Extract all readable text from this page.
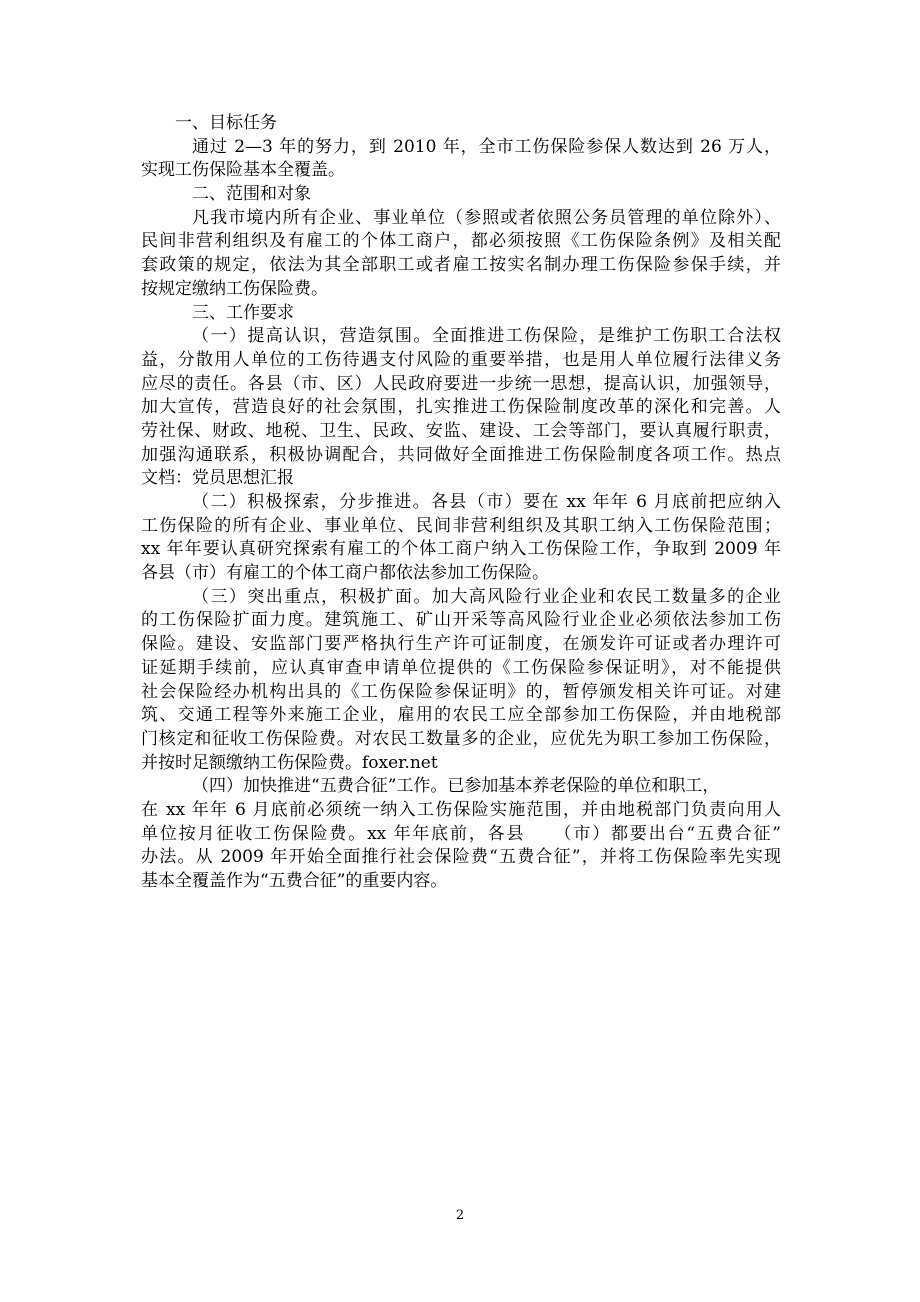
一、目标任务
通过 2—3 年的努力，到 2010 年，全市工伤保险参保人数达到 26 万人，
实现工伤保险基本全覆盖。
二、范围和对象
凡我市境内所有企业、事业单位（参照或者依照公务员管理的单位除外）、
民间非营利组织及有雇工的个体工商户，都必须按照《工伤保险条例》及相关配
套政策的规定，依法为其全部职工或者雇工按实名制办理工伤保险参保手续，并
按规定缴纳工伤保险费。
三、工作要求
（一）提高认识，营造氛围。全面推进工伤保险，是维护工伤职工合法权
益，分散用人单位的工伤待遇支付风险的重要举措，也是用人单位履行法律义务
应尽的责任。各县（市、区）人民政府要进一步统一思想，提高认识，加强领导，
加大宣传，营造良好的社会氛围，扎实推进工伤保险制度改革的深化和完善。人
劳社保、财政、地税、卫生、民政、安监、建设、工会等部门，要认真履行职责，
加强沟通联系，积极协调配合，共同做好全面推进工伤保险制度各项工作。热点
文档：党员思想汇报
（二）积极探索，分步推进。各县（市）要在 xx 年年 6 月底前把应纳入
工伤保险的所有企业、事业单位、民间非营利组织及其职工纳入工伤保险范围；
xx 年年要认真研究探索有雇工的个体工商户纳入工伤保险工作，争取到 2009 年
各县（市）有雇工的个体工商户都依法参加工伤保险。
（三）突出重点，积极扩面。加大高风险行业企业和农民工数量多的企业
的工伤保险扩面力度。建筑施工、矿山开采等高风险行业企业必须依法参加工伤
保险。建设、安监部门要严格执行生产许可证制度，在颁发许可证或者办理许可
证延期手续前，应认真审查申请单位提供的《工伤保险参保证明》，对不能提供
社会保险经办机构出具的《工伤保险参保证明》的，暂停颁发相关许可证。对建
筑、交通工程等外来施工企业，雇用的农民工应全部参加工伤保险，并由地税部
门核定和征收工伤保险费。对农民工数量多的企业，应优先为职工参加工伤保险，
并按时足额缴纳工伤保险费。foxer.net
（四）加快推进“五费合征”工作。已参加基本养老保险的单位和职工，
在 xx 年年 6 月底前必须统一纳入工伤保险实施范围，并由地税部门负责向用人
单位按月征收工伤保险费。xx 年年底前，各县　　（市）都要出台“五费合征”
办法。从 2009 年开始全面推行社会保险费“五费合征”，并将工伤保险率先实现
基本全覆盖作为“五费合征”的重要内容。
2
